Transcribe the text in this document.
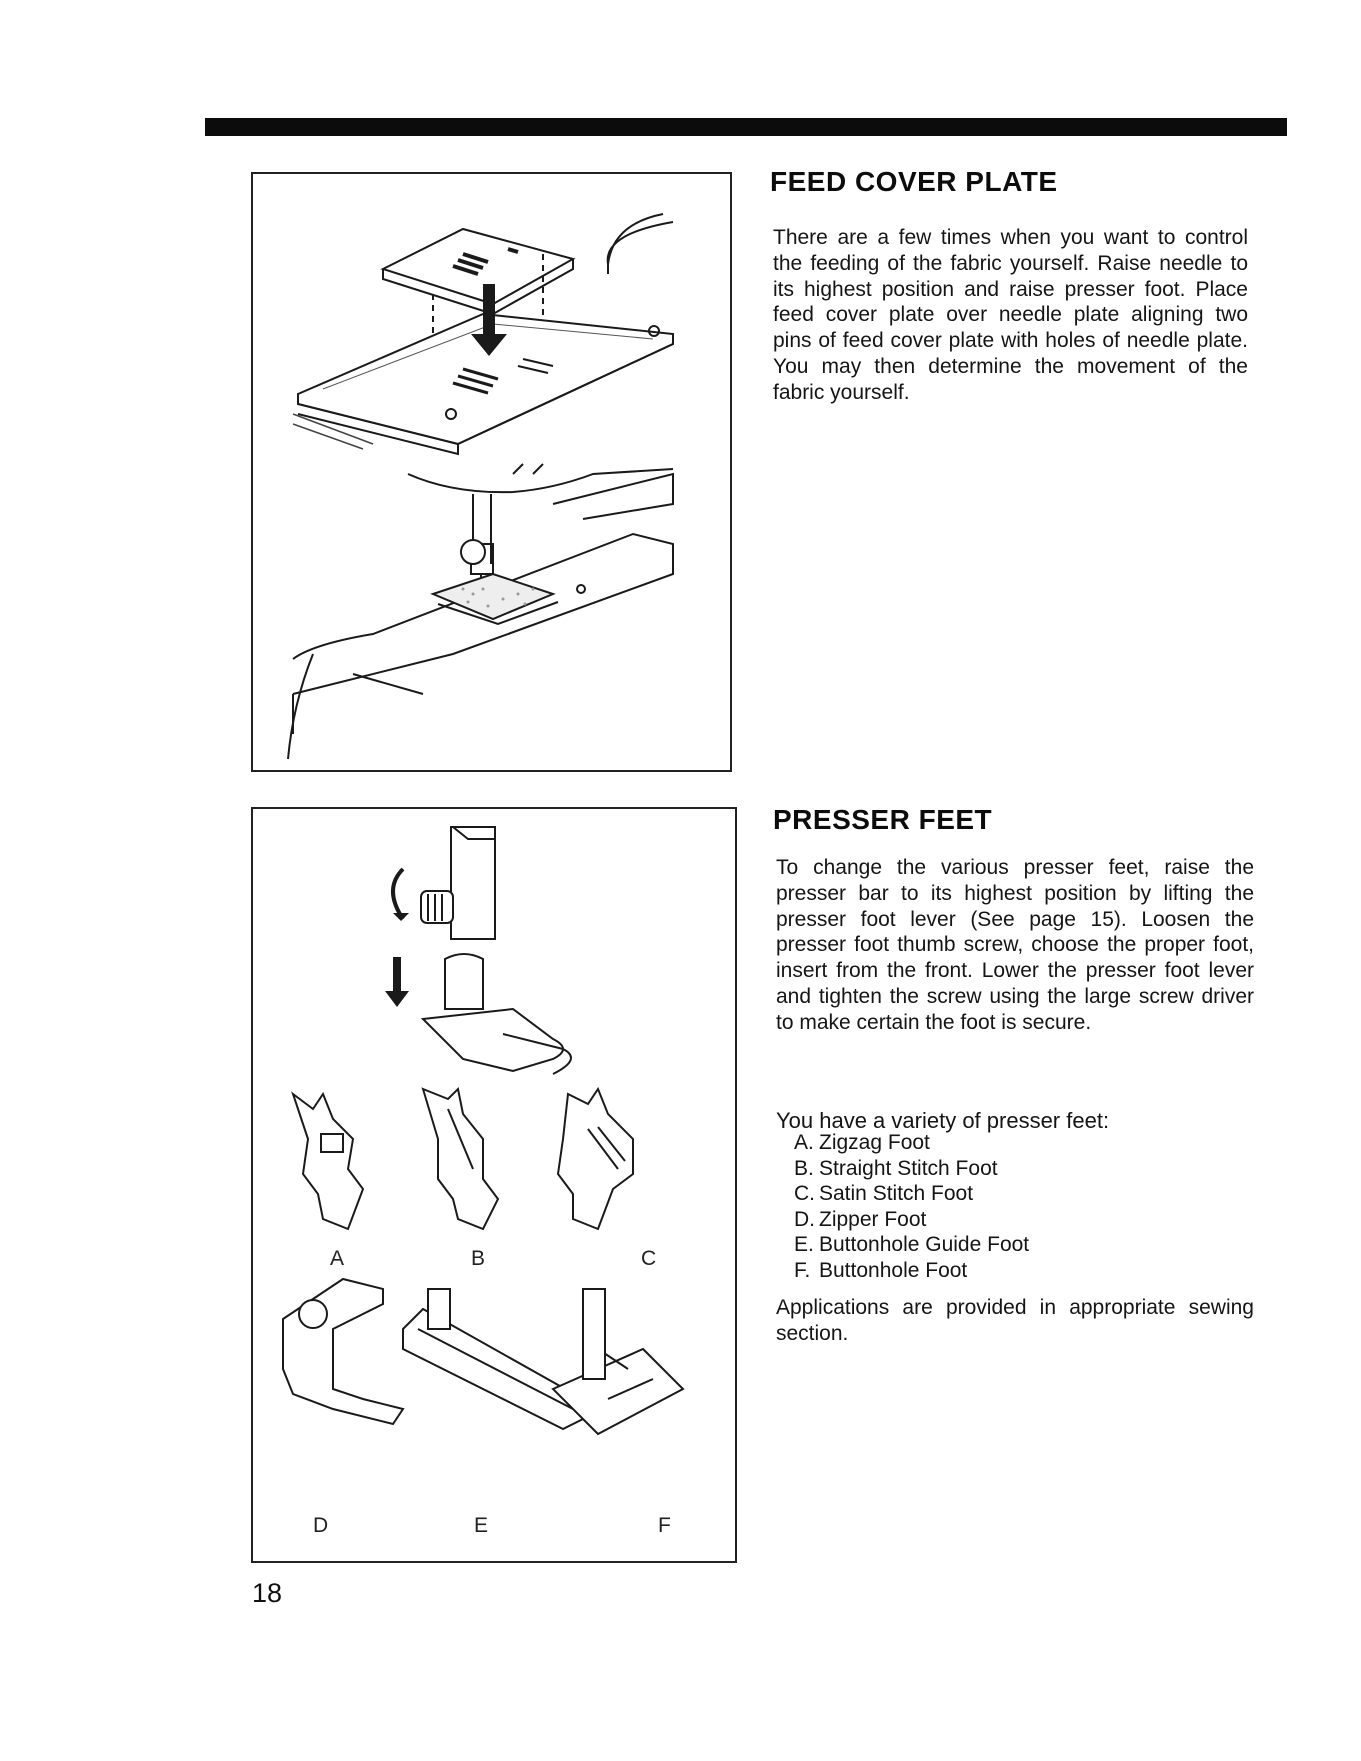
A	B	C
D	E	F
FEED COVER PLATE

There are a few times when you want to control the feeding of the fabric yourself. Raise needle to its highest position and raise presser foot. Place feed cover plate over needle plate aligning two pins of feed cover plate with holes of needle plate. You may then determine the movement of the fabric yourself.

PRESSER FEET

To change the various presser feet, raise the presser bar to its highest position by lifting the presser foot lever (See page 15). Loosen the presser foot thumb screw, choose the proper foot, insert from the front. Lower the presser foot lever and tighten the screw using the large screw driver to make certain the foot is secure.

You have a variety of presser feet:

A. Zigzag Foot
B. Straight Stitch Foot
C. Satin Stitch Foot
D. Zipper Foot
E. Buttonhole Guide Foot
F. Buttonhole Foot

Applications are provided in appropriate sewing section.

18
